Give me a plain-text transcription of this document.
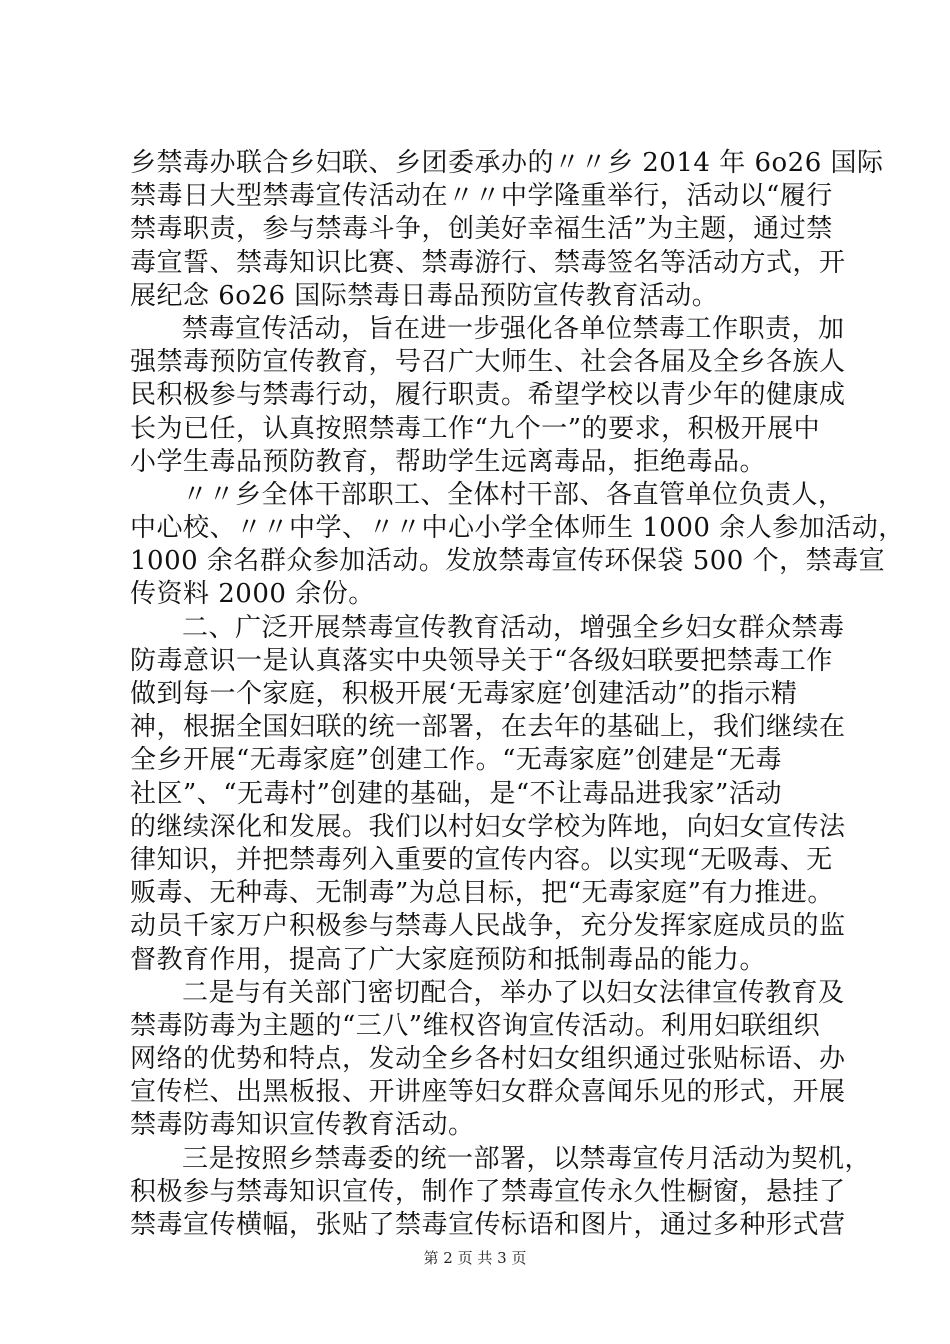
乡禁毒办联合乡妇联、乡团委承办的〃〃乡 2014 年 6o26 国际
禁毒日大型禁毒宣传活动在〃〃中学隆重举行，活动以“履行
禁毒职责，参与禁毒斗争，创美好幸福生活”为主题，通过禁
毒宣誓、禁毒知识比赛、禁毒游行、禁毒签名等活动方式，开
展纪念 6o26 国际禁毒日毒品预防宣传教育活动。
禁毒宣传活动，旨在进一步强化各单位禁毒工作职责，加
强禁毒预防宣传教育，号召广大师生、社会各届及全乡各族人
民积极参与禁毒行动，履行职责。希望学校以青少年的健康成
长为已任，认真按照禁毒工作“九个一”的要求，积极开展中
小学生毒品预防教育，帮助学生远离毒品，拒绝毒品。
〃〃乡全体干部职工、全体村干部、各直管单位负责人，
中心校、〃〃中学、〃〃中心小学全体师生 1000 余人参加活动，
1000 余名群众参加活动。发放禁毒宣传环保袋 500 个，禁毒宣
传资料 2000 余份。
二、广泛开展禁毒宣传教育活动，增强全乡妇女群众禁毒
防毒意识一是认真落实中央领导关于“各级妇联要把禁毒工作
做到每一个家庭，积极开展‘无毒家庭’创建活动”的指示精
神，根据全国妇联的统一部署，在去年的基础上，我们继续在
全乡开展“无毒家庭”创建工作。“无毒家庭”创建是“无毒
社区”、“无毒村”创建的基础，是“不让毒品进我家”活动
的继续深化和发展。我们以村妇女学校为阵地，向妇女宣传法
律知识，并把禁毒列入重要的宣传内容。以实现“无吸毒、无
贩毒、无种毒、无制毒”为总目标，把“无毒家庭”有力推进。
动员千家万户积极参与禁毒人民战争，充分发挥家庭成员的监
督教育作用，提高了广大家庭预防和抵制毒品的能力。
二是与有关部门密切配合，举办了以妇女法律宣传教育及
禁毒防毒为主题的“三八”维权咨询宣传活动。利用妇联组织
网络的优势和特点，发动全乡各村妇女组织通过张贴标语、办
宣传栏、出黑板报、开讲座等妇女群众喜闻乐见的形式，开展
禁毒防毒知识宣传教育活动。
三是按照乡禁毒委的统一部署，以禁毒宣传月活动为契机，
积极参与禁毒知识宣传，制作了禁毒宣传永久性橱窗，悬挂了
禁毒宣传横幅，张贴了禁毒宣传标语和图片，通过多种形式营
第 2 页 共 3 页
